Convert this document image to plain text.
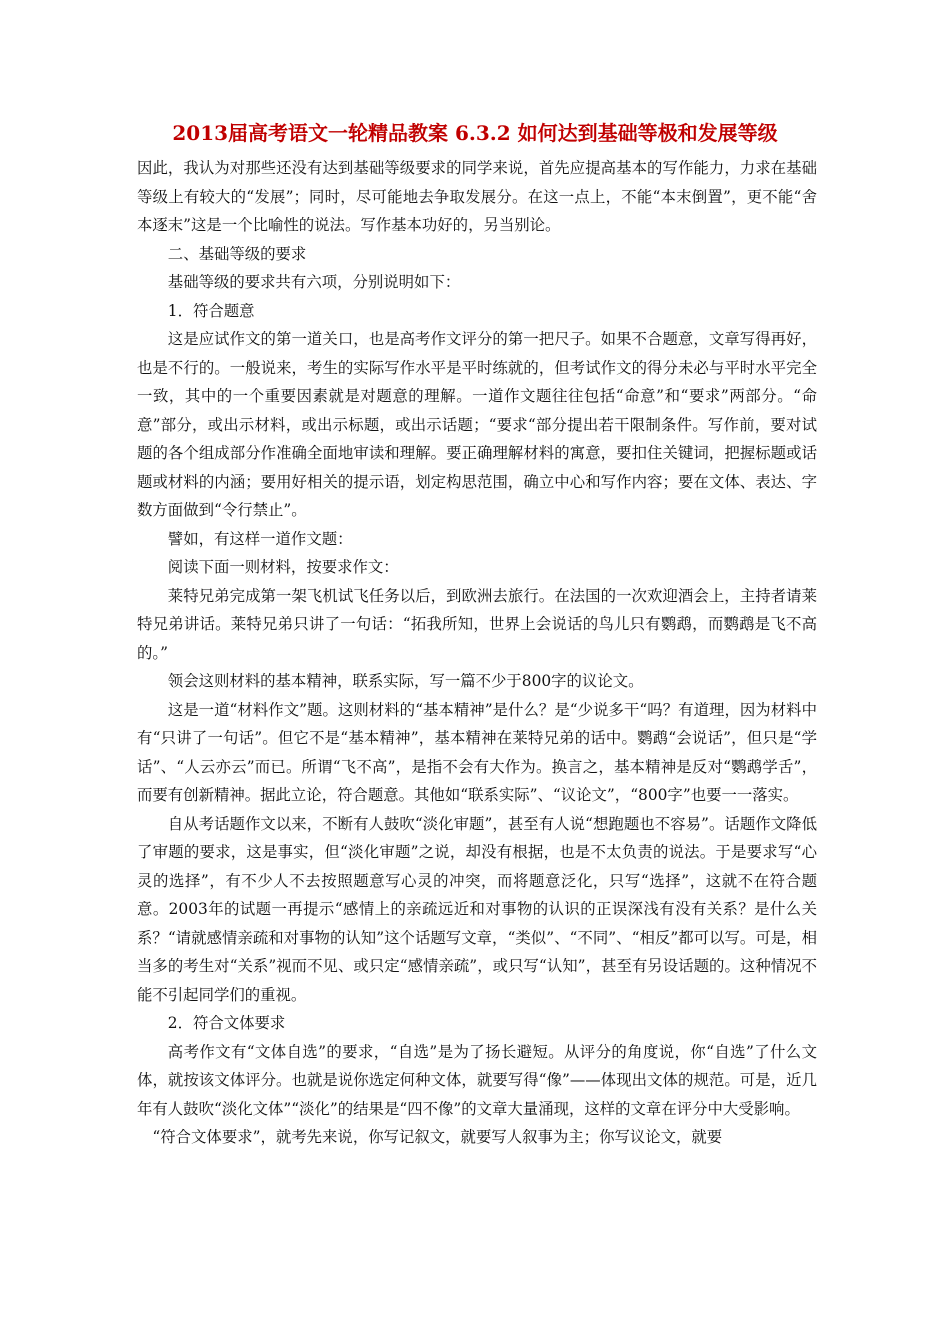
2013届高考语文一轮精品教案 6.3.2 如何达到基础等极和发展等级

因此，我认为对那些还没有达到基础等级要求的同学来说，首先应提高基本的写作能力，力求在基础等级上有较大的“发展”；同时，尽可能地去争取发展分。在这一点上，不能“本末倒置”，更不能“舍本逐末”这是一个比喻性的说法。写作基本功好的，另当别论。

二、基础等级的要求

基础等级的要求共有六项，分别说明如下：

1．符合题意

这是应试作文的第一道关口，也是高考作文评分的第一把尺子。如果不合题意，文章写得再好，也是不行的。一般说来，考生的实际写作水平是平时练就的，但考试作文的得分未必与平时水平完全一致，其中的一个重要因素就是对题意的理解。一道作文题往往包括“命意”和“要求”两部分。“命意”部分，或出示材料，或出示标题，或出示话题；“要求“部分提出若干限制条件。写作前，要对试题的各个组成部分作准确全面地审读和理解。要正确理解材料的寓意，要扣住关键词，把握标题或话题或材料的内涵；要用好相关的提示语，划定构思范围，确立中心和写作内容；要在文体、表达、字数方面做到“令行禁止”。

譬如，有这样一道作文题：

阅读下面一则材料，按要求作文：

莱特兄弟完成第一架飞机试飞任务以后，到欧洲去旅行。在法国的一次欢迎酒会上，主持者请莱特兄弟讲话。莱特兄弟只讲了一句话：“拓我所知，世界上会说话的鸟儿只有鹦鹉，而鹦鹉是飞不高的。”

领会这则材料的基本精神，联系实际，写一篇不少于800字的议论文。

这是一道“材料作文”题。这则材料的“基本精神”是什么？是“少说多干“吗？有道理，因为材料中有“只讲了一句话”。但它不是“基本精神”，基本精神在莱特兄弟的话中。鹦鹉“会说话”，但只是“学话”、“人云亦云”而已。所谓“飞不高”，是指不会有大作为。换言之，基本精神是反对“鹦鹉学舌”，而要有创新精神。据此立论，符合题意。其他如“联系实际”、“议论文”，“800字”也要一一落实。

自从考话题作文以来，不断有人鼓吹“淡化审题”，甚至有人说“想跑题也不容易”。话题作文降低了审题的要求，这是事实，但“淡化审题”之说，却没有根据，也是不太负责的说法。于是要求写“心灵的选择”，有不少人不去按照题意写心灵的冲突，而将题意泛化，只写“选择”，这就不在符合题意。2003年的试题一再提示“感情上的亲疏远近和对事物的认识的正误深浅有没有关系？是什么关系？“请就感情亲疏和对事物的认知”这个话题写文章，“类似”、“不同”、“相反”都可以写。可是，相当多的考生对“关系”视而不见、或只定“感情亲疏”，或只写“认知”，甚至有另设话题的。这种情况不能不引起同学们的重视。

2．符合文体要求

高考作文有“文体自选”的要求，“自选”是为了扬长避短。从评分的角度说，你“自选”了什么文体，就按该文体评分。也就是说你选定何种文体，就要写得“像”——体现出文体的规范。可是，近几年有人鼓吹“淡化文体”“淡化”的结果是“四不像”的文章大量涌现，这样的文章在评分中大受影响。

“符合文体要求”，就考先来说，你写记叙文，就要写人叙事为主；你写议论文，就要
